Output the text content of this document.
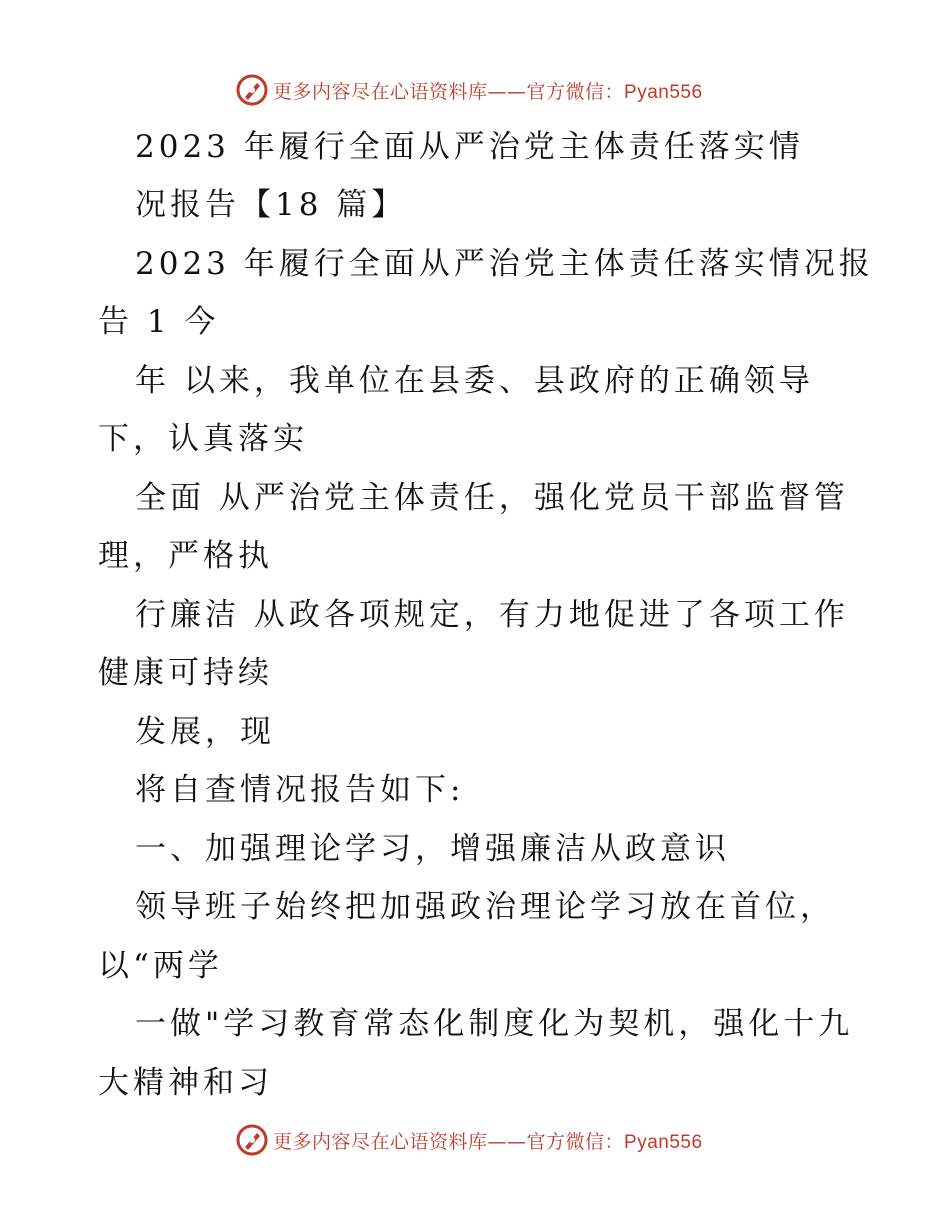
更多内容尽在心语资料库——官方微信：Pyan556
2023 年履行全面从严治党主体责任落实情
况报告【18 篇】
2023 年履行全面从严治党主体责任落实情况报
告 1 今
年 以来，我单位在县委、县政府的正确领导
下，认真落实
全面 从严治党主体责任，强化党员干部监督管
理，严格执
行廉洁 从政各项规定，有力地促进了各项工作
健康可持续
发展，现
将自查情况报告如下:
一、加强理论学习，增强廉洁从政意识
领导班子始终把加强政治理论学习放在首位，
以“两学
一做"学习教育常态化制度化为契机，强化十九
大精神和习
更多内容尽在心语资料库——官方微信：Pyan556
